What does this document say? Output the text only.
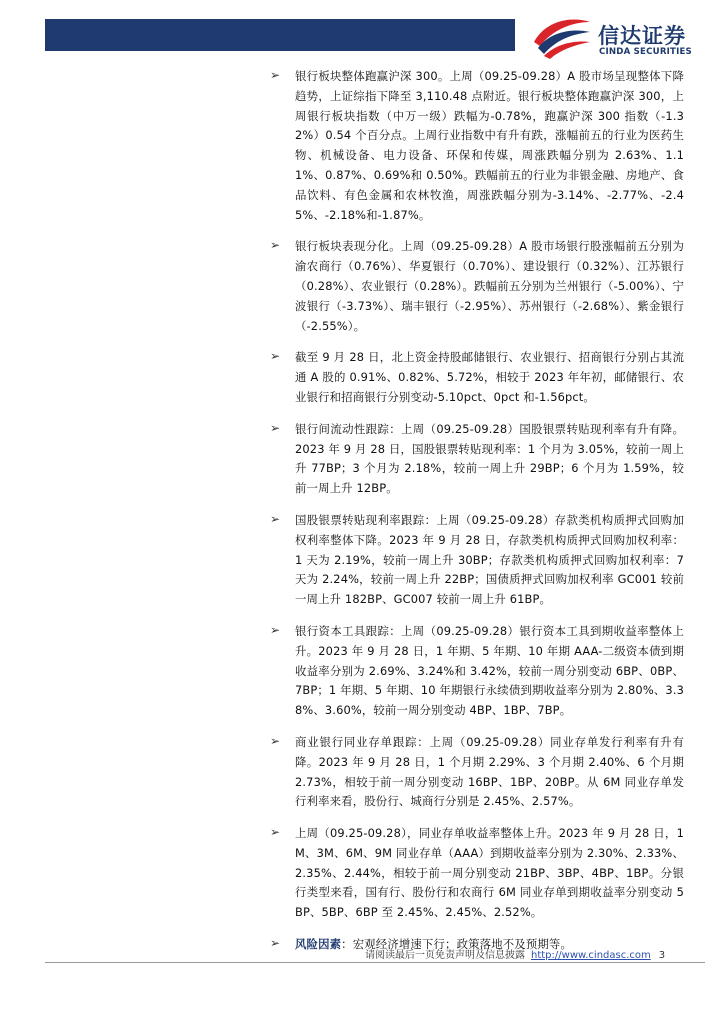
信达证券
CINDA SECURITIES
➢ 银行板块整体跑赢沪深 300。上周（09.25-09.28）A 股市场呈现整体下降趋势，上证综指下降至 3,110.48 点附近。银行板块整体跑赢沪深 300，上周银行板块指数（中万一级）跌幅为-0.78%，跑赢沪深 300 指数（-1.32%）0.54 个百分点。上周行业指数中有升有跌，涨幅前五的行业为医药生物、机械设备、电力设备、环保和传媒，周涨跌幅分别为 2.63%、1.11%、0.87%、0.69%和 0.50%。跌幅前五的行业为非银金融、房地产、食品饮料、有色金属和农林牧渔，周涨跌幅分别为-3.14%、-2.77%、-2.45%、-2.18%和-1.87%。
➢ 银行板块表现分化。上周（09.25-09.28）A 股市场银行股涨幅前五分别为渝农商行（0.76%）、华夏银行（0.70%）、建设银行（0.32%）、江苏银行（0.28%）、农业银行（0.28%）。跌幅前五分别为兰州银行（-5.00%）、宁波银行（-3.73%）、瑞丰银行（-2.95%）、苏州银行（-2.68%）、紫金银行（-2.55%）。
➢ 截至 9 月 28 日，北上资金持股邮储银行、农业银行、招商银行分别占其流通 A 股的 0.91%、0.82%、5.72%，相较于 2023 年年初，邮储银行、农业银行和招商银行分别变动-5.10pct、0pct 和-1.56pct。
➢ 银行间流动性跟踪：上周（09.25-09.28）国股银票转贴现利率有升有降。2023 年 9 月 28 日，国股银票转贴现利率：1 个月为 3.05%，较前一周上升 77BP；3 个月为 2.18%，较前一周上升 29BP；6 个月为 1.59%，较前一周上升 12BP。
➢ 国股银票转贴现利率跟踪：上周（09.25-09.28）存款类机构质押式回购加权利率整体下降。2023 年 9 月 28 日，存款类机构质押式回购加权利率：1 天为 2.19%，较前一周上升 30BP；存款类机构质押式回购加权利率：7 天为 2.24%，较前一周上升 22BP；国债质押式回购加权利率 GC001 较前一周上升 182BP、GC007 较前一周上升 61BP。
➢ 银行资本工具跟踪：上周（09.25-09.28）银行资本工具到期收益率整体上升。2023 年 9 月 28 日，1 年期、5 年期、10 年期 AAA-二级资本债到期收益率分别为 2.69%、3.24%和 3.42%，较前一周分别变动 6BP、0BP、7BP；1 年期、5 年期、10 年期银行永续债到期收益率分别为 2.80%、3.38%、3.60%，较前一周分别变动 4BP、1BP、7BP。
➢ 商业银行同业存单跟踪：上周（09.25-09.28）同业存单发行利率有升有降。2023 年 9 月 28 日，1 个月期 2.29%、3 个月期 2.40%、6 个月期 2.73%，相较于前一周分别变动 16BP、1BP、20BP。从 6M 同业存单发行利率来看，股份行、城商行分别是 2.45%、2.57%。
➢ 上周（09.25-09.28），同业存单收益率整体上升。2023 年 9 月 28 日，1M、3M、6M、9M 同业存单（AAA）到期收益率分别为 2.30%、2.33%、2.35%、2.44%，相较于前一周分别变动 21BP、3BP、4BP、1BP。分银行类型来看，国有行、股份行和农商行 6M 同业存单到期收益率分别变动 5BP、5BP、6BP 至 2.45%、2.45%、2.52%。
➢ 风险因素：宏观经济增速下行；政策落地不及预期等。
请阅读最后一页免责声明及信息披露 http://www.cindasc.com 3
